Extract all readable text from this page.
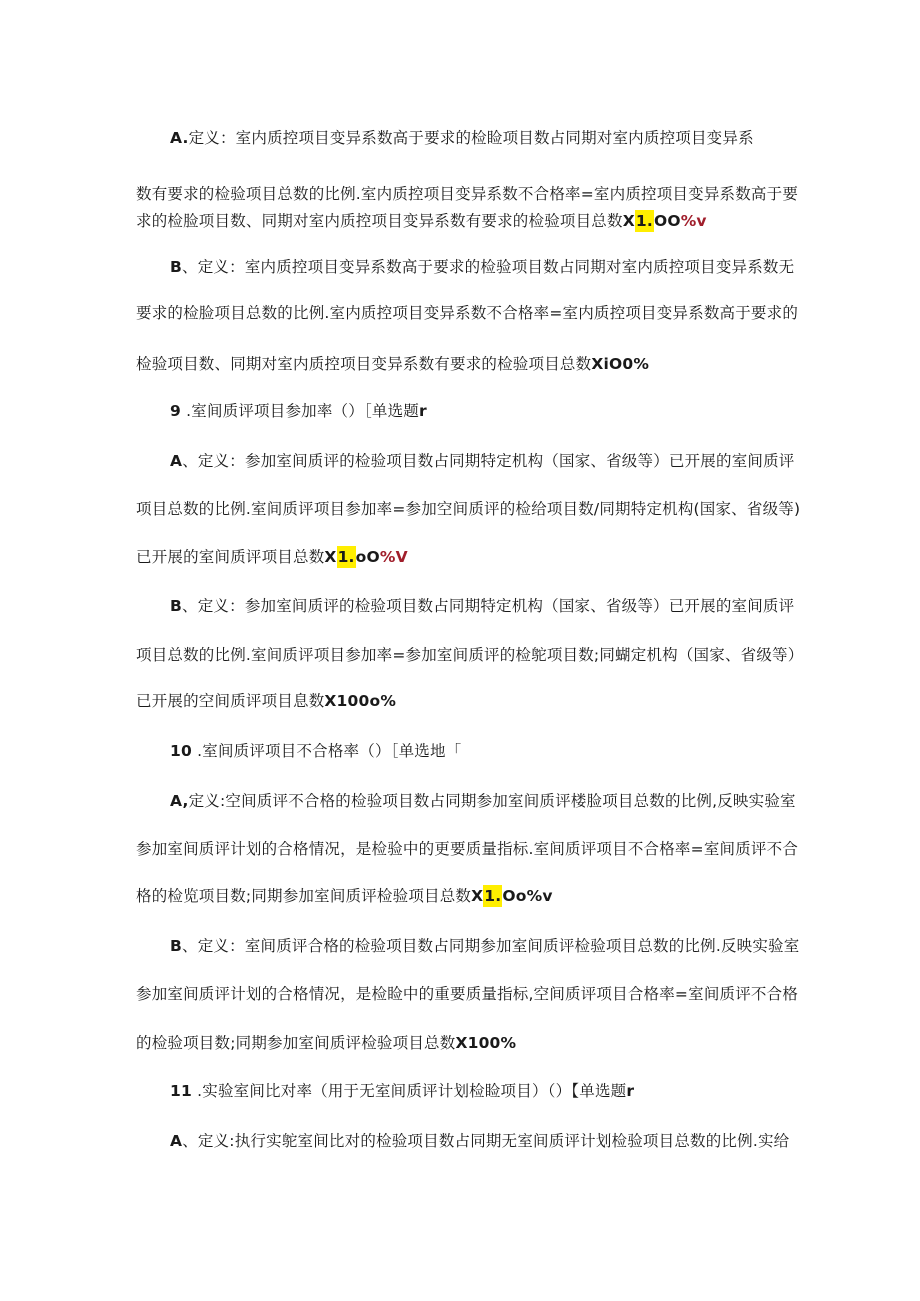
A.定义：室内质控项目变异系数高于要求的检睑项目数占同期对室内质控项目变异系
数有要求的检验项目总数的比例.室内质控项目变异系数不合格率=室内质控项目变异系数高于要
求的检脸项目数、同期对室内质控项目变异系数有要求的检验项目总数X1.OO%v
B、定义：室内质控项目变异系数高于要求的检验项目数占同期对室内质控项目变异系数无
要求的检脸项目总数的比例.室内质控项目变异系数不合格率=室内质控项目变异系数高于要求的
检验项目数、同期对室内质控项目变异系数有要求的检验项目总数XiO0%
9 .室间质评项目参加率（）［单选题r
A、定义：参加室间质评的检验项目数占同期特定机构（国家、省级等）已开展的室间质评
项目总数的比例.室间质评项目参加率=参加空间质评的检给项目数/同期特定机构(国家、省级等)
已开展的室间质评项目总数X1.oO%V
B、定义：参加室间质评的检验项目数占同期特定机构（国家、省级等）已开展的室间质评
项目总数的比例.室间质评项目参加率=参加室间质评的检鸵项目数;同蝴定机构（国家、省级等）
已开展的空间质评项目息数X100o%
10 .室间质评项目不合格率（）［单选地「
A,定义:空间质评不合格的检验项目数占同期参加室间质评楼脸项目总数的比例,反映实验室
参加室间质评计划的合格情况，是检验中的更要质量指标.室间质评项目不合格率=室间质评不合
格的检览项目数;同期参加室间质评检验项目总数X1.Oo%v
B、定义：室间质评合格的检验项目数占同期参加室间质评检验项目总数的比例.反映实验室
参加室间质评计划的合格情况，是检睑中的重要质量指标,空间质评项目合格率=室间质评不合格
的检验项目数;同期参加室间质评检验项目总数X100%
11 .实验室间比对率（用于无室间质评计划检睑项目）（）【单选题r
A、定义:执行实鸵室间比对的检验项目数占同期无室间质评计划检验项目总数的比例.实给
